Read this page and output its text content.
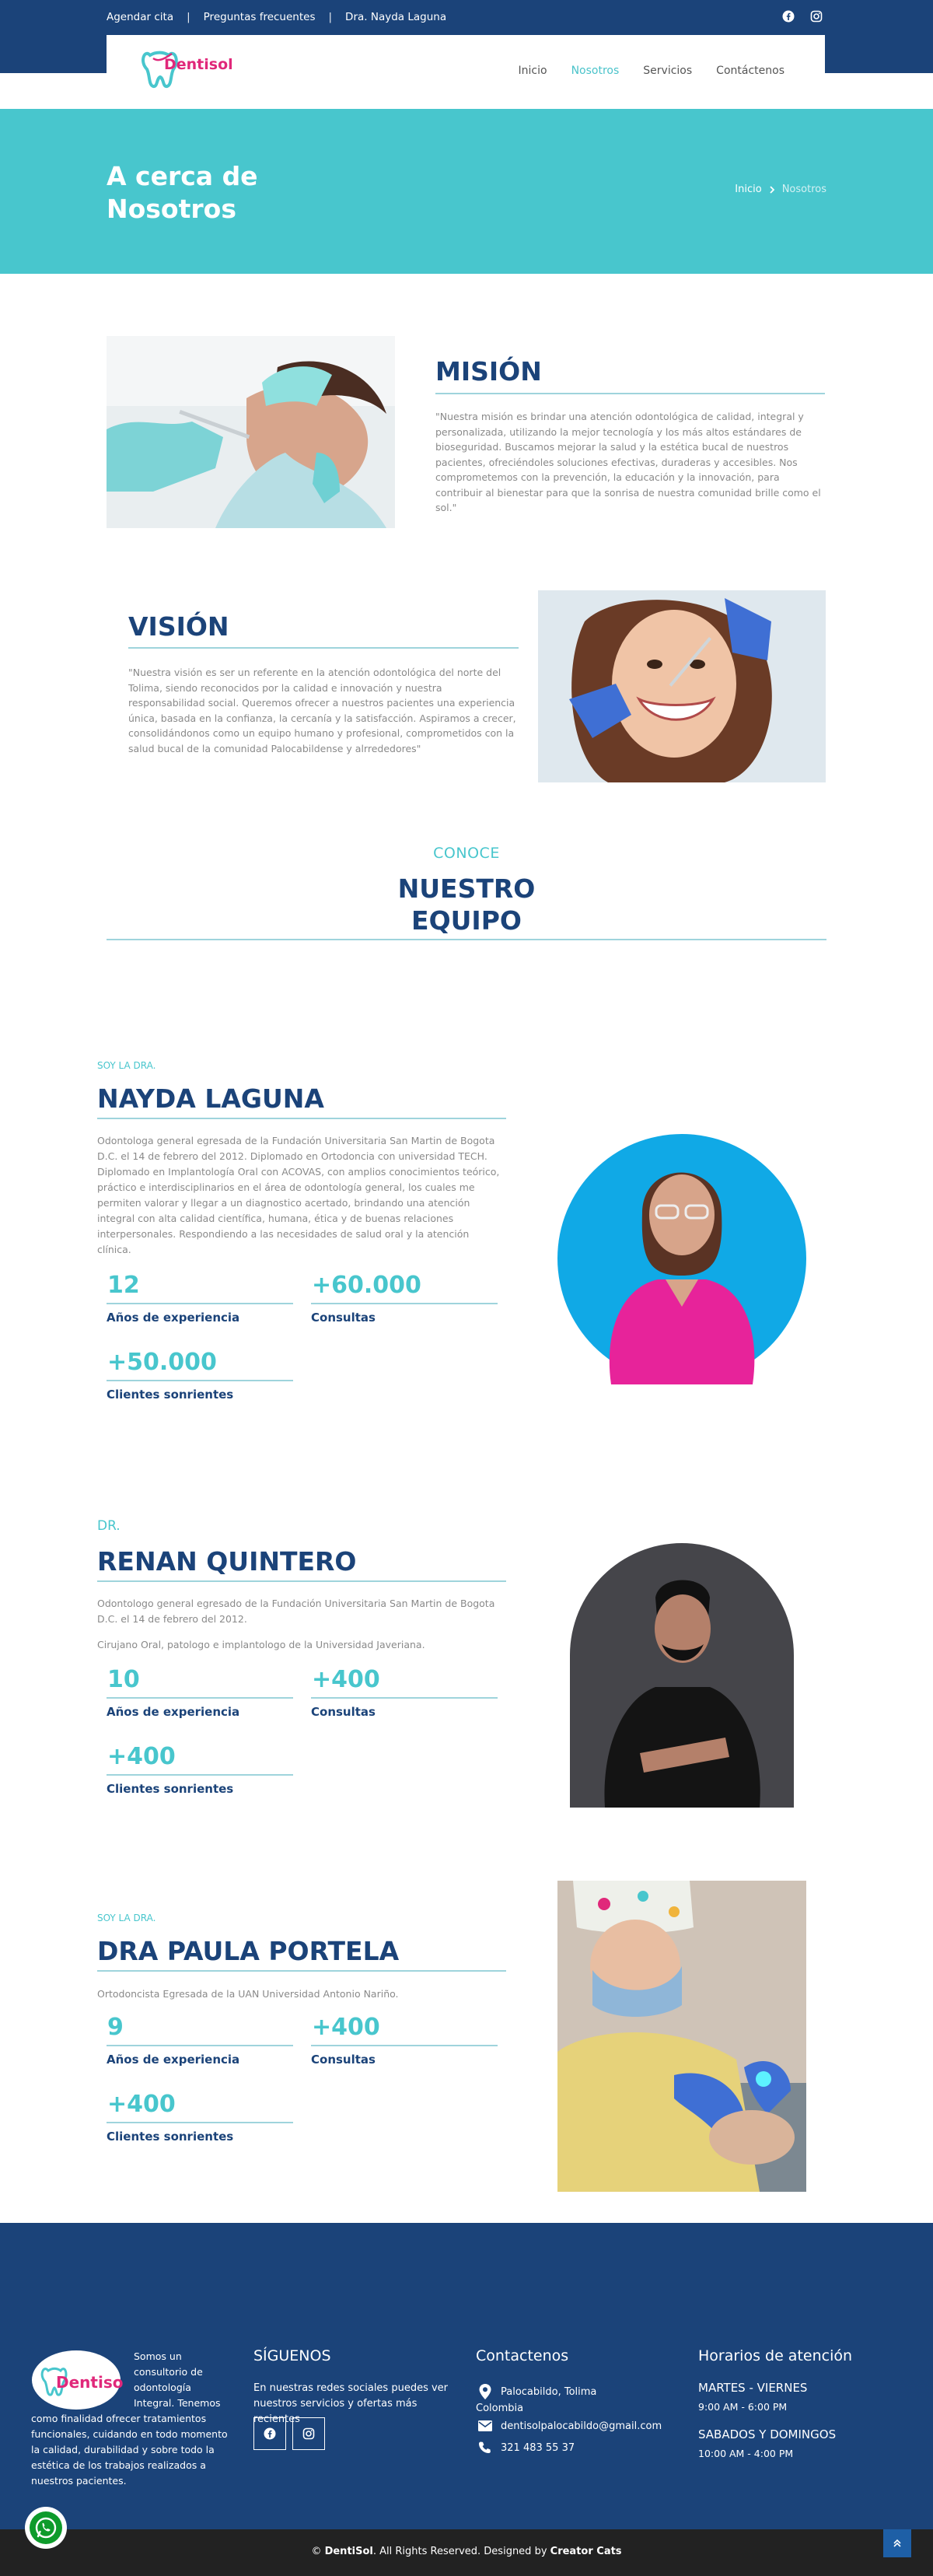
Agendar cita | Preguntas frecuentes | Dra. Nayda Laguna
Dentisol	Inicio Nosotros Servicios Contáctenos
A cerca de Nosotros
Inicio Nosotros
MISIÓN
"Nuestra misión es brindar una atención odontológica de calidad, integral y personalizada, utilizando la mejor tecnología y los más altos estándares de bioseguridad. Buscamos mejorar la salud y la estética bucal de nuestros pacientes, ofreciéndoles soluciones efectivas, duraderas y accesibles. Nos comprometemos con la prevención, la educación y la innovación, para contribuir al bienestar para que la sonrisa de nuestra comunidad brille como el sol."
VISIÓN
"Nuestra visión es ser un referente en la atención odontológica del norte del Tolima, siendo reconocidos por la calidad e innovación y nuestra responsabilidad social. Queremos ofrecer a nuestros pacientes una experiencia única, basada en la confianza, la cercanía y la satisfacción. Aspiramos a crecer, consolidándonos como un equipo humano y profesional, comprometidos con la salud bucal de la comunidad Palocabildense y alrrededores"
CONOCE
NUESTRO EQUIPO
SOY LA DRA.
NAYDA LAGUNA
Odontologa general egresada de la Fundación Universitaria San Martin de Bogota D.C. el 14 de febrero del 2012. Diplomado en Ortodoncia con universidad TECH. Diplomado en Implantología Oral con ACOVAS, con amplios conocimientos teórico, práctico e interdisciplinarios en el área de odontología general, los cuales me permiten valorar y llegar a un diagnostico acertado, brindando una atención integral con alta calidad científica, humana, ética y de buenas relaciones interpersonales. Respondiendo a las necesidades de salud oral y la atención clínica.
12
Años de experiencia
+60.000
Consultas
+50.000
Clientes sonrientes
DR.
RENAN QUINTERO
Odontologo general egresado de la Fundación Universitaria San Martin de Bogota D.C. el 14 de febrero del 2012.
Cirujano Oral, patologo e implantologo de la Universidad Javeriana.
10
Años de experiencia
+400
Consultas
+400
Clientes sonrientes
SOY LA DRA.
DRA PAULA PORTELA
Ortodoncista Egresada de la UAN Universidad Antonio Nariño.
9
Años de experiencia
+400
Consultas
+400
Clientes sonrientes
Dentisol
Somos un consultorio de odontología Integral. Tenemos como finalidad ofrecer tratamientos funcionales, cuidando en todo momento la calidad, durabilidad y sobre todo la estética de los trabajos realizados a nuestros pacientes.
SÍGUENOS
En nuestras redes sociales puedes ver nuestros servicios y ofertas más recientes
Contactenos
Palocabildo, Tolima
Colombia
dentisolpalocabildo@gmail.com
321 483 55 37
Horarios de atención
MARTES - VIERNES
9:00 AM - 6:00 PM
SABADOS Y DOMINGOS
10:00 AM - 4:00 PM
© DentiSol. All Rights Reserved. Designed by Creator Cats
